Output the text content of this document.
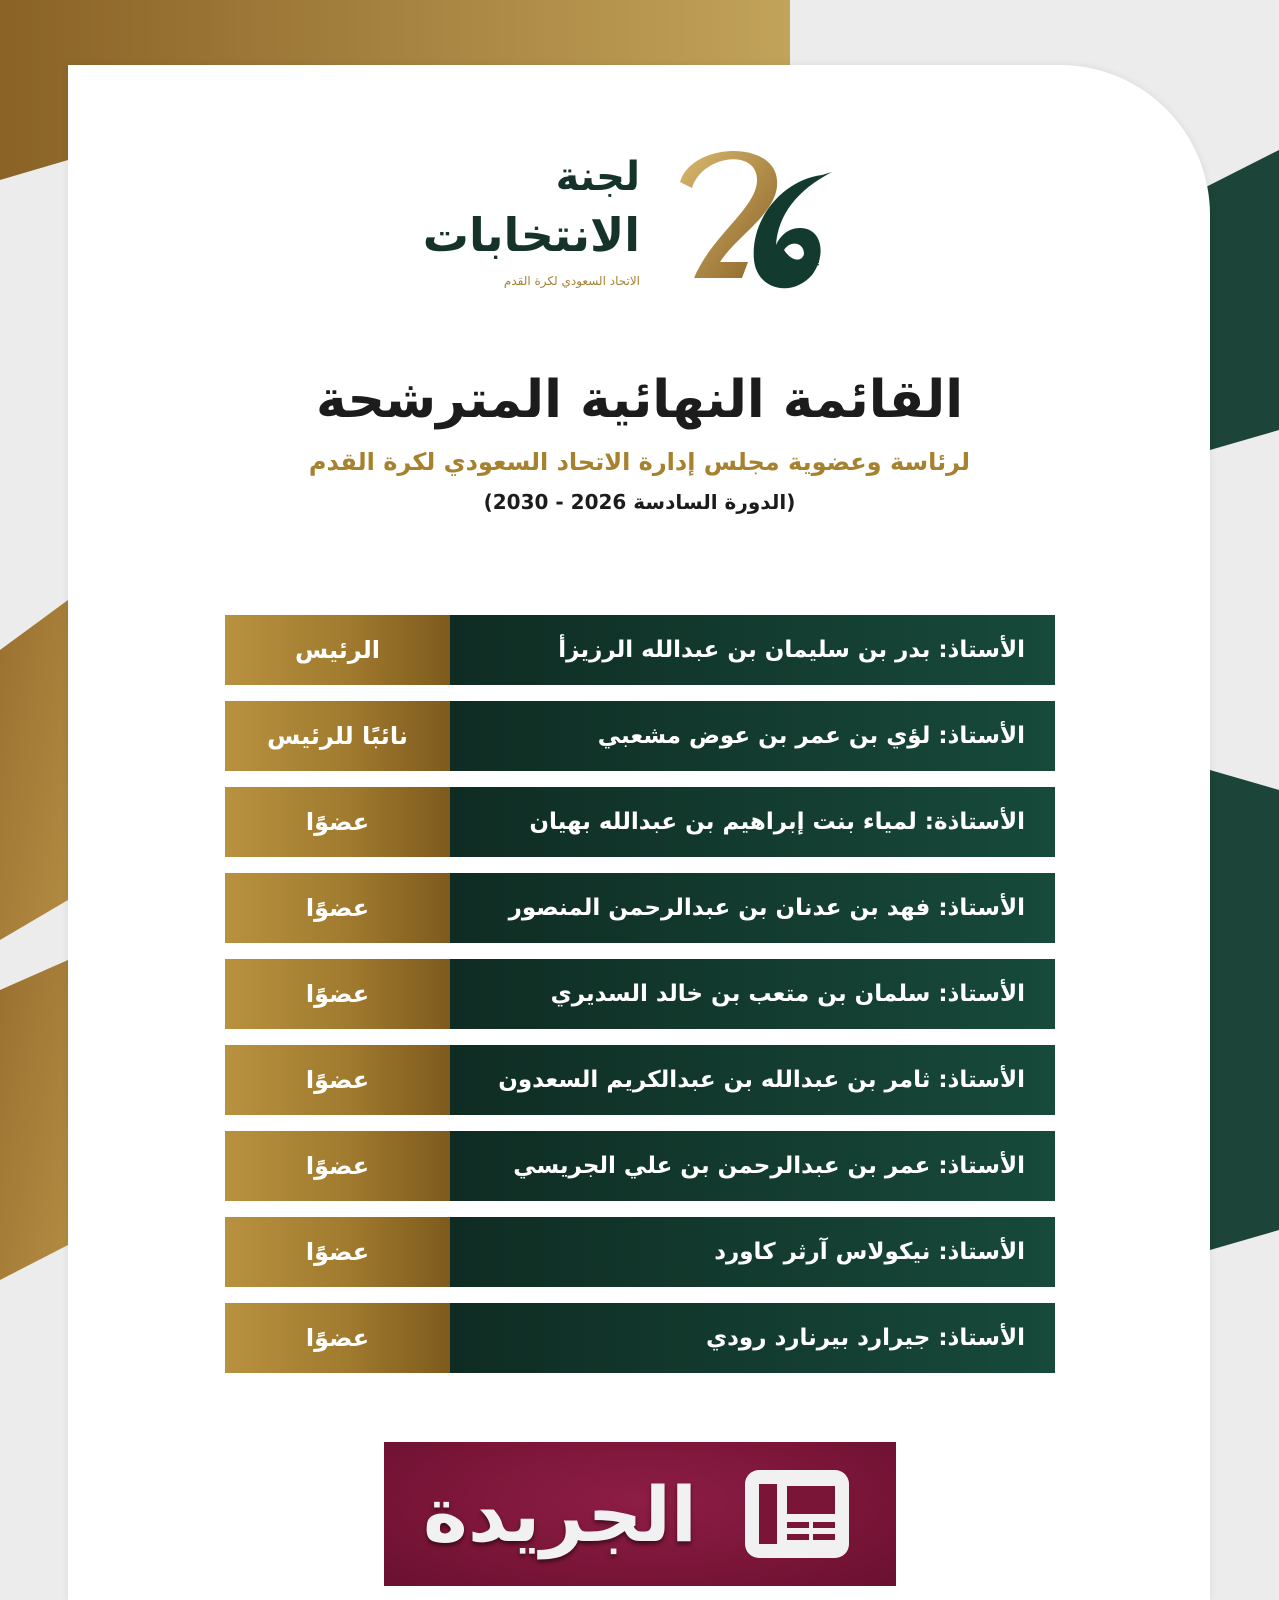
لجنة
الانتخابات
الاتحاد السعودي لكرة القدم
SAFF
القائمة النهائية المترشحة
لرئاسة وعضوية مجلس إدارة الاتحاد السعودي لكرة القدم
(الدورة السادسة 2026 - 2030)
الرئيس	الأستاذ: بدر بن سليمان بن عبدالله الرزيزأ
نائبًا للرئيس	الأستاذ: لؤي بن عمر بن عوض مشعبي
عضوًا	الأستاذة: لمياء بنت إبراهيم بن عبدالله بهيان
عضوًا	الأستاذ: فهد بن عدنان بن عبدالرحمن المنصور
عضوًا	الأستاذ: سلمان بن متعب بن خالد السديري
عضوًا	الأستاذ: ثامر بن عبدالله بن عبدالكريم السعدون
عضوًا	الأستاذ: عمر بن عبدالرحمن بن علي الجريسي
عضوًا	الأستاذ: نيكولاس آرثر كاورد
عضوًا	الأستاذ: جيرارد بيرنارد رودي
الجريدة
